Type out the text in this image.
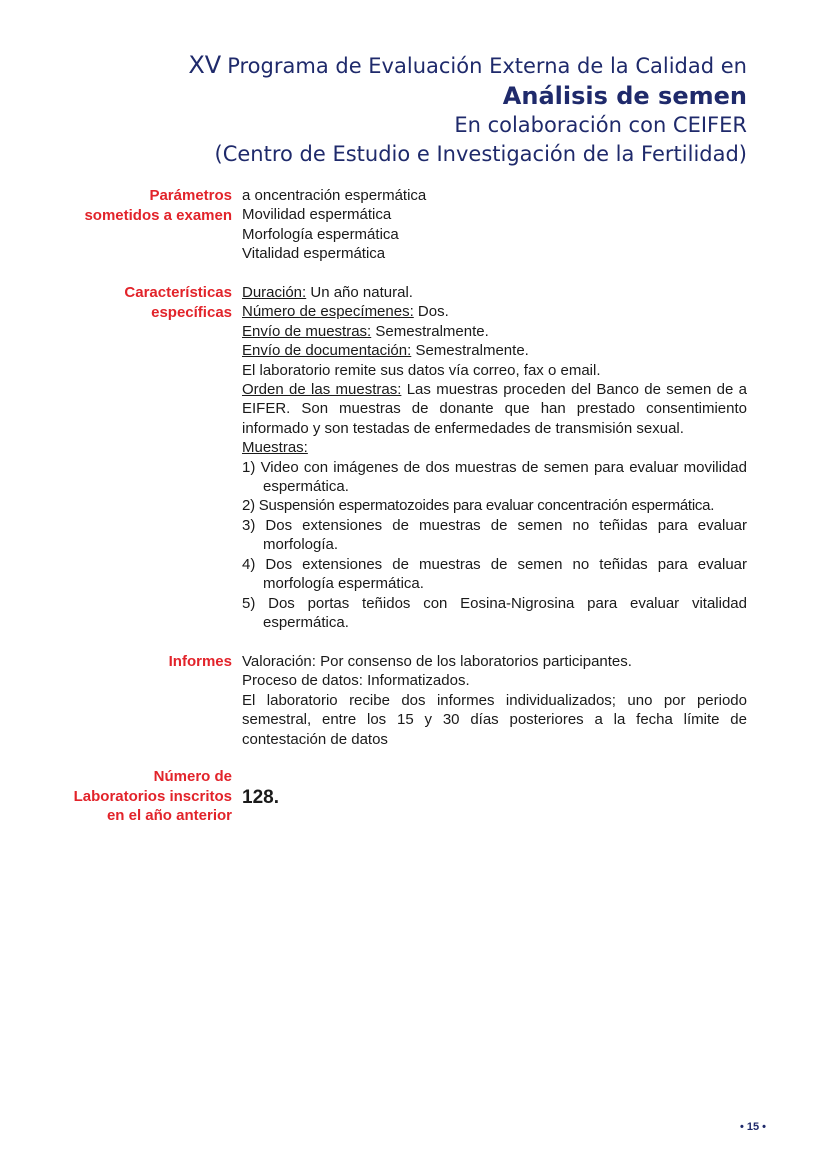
XV Programa de Evaluación Externa de la Calidad en
Análisis de semen
En colaboración con CEIFER
(Centro de Estudio e Investigación de la Fertilidad)
Parámetros
sometidos a examen

a oncentración espermática

Movilidad espermática

Morfología espermática

Vitalidad espermática

Características
específicas

Duración: Un año natural.

Número de especímenes: Dos.

Envío de muestras: Semestralmente.

Envío de documentación: Semestralmente.

El laboratorio remite sus datos vía correo, fax o email.

Orden de las muestras: Las muestras proceden del Banco de semen de a EIFER. Son muestras de donante que han prestado consentimiento informado y son testadas de enfermedades de transmisión sexual.

Muestras:

1) Video con imágenes de dos muestras de semen para evaluar movilidad espermática.

2) Suspensión espermatozoides para evaluar concentración espermática.

3) Dos extensiones de muestras de semen no teñidas para evaluar morfología.

4) Dos extensiones de muestras de semen no teñidas para evaluar morfología espermática.

5) Dos portas teñidos con Eosina-Nigrosina para evaluar vitalidad espermática.

Informes Valoración: Por consenso de los laboratorios participantes.

Proceso de datos: Informatizados.

El laboratorio recibe dos informes individualizados; uno por periodo semestral, entre los 15 y 30 días posteriores a la fecha límite de contestación de datos

Número de
Laboratorios inscritos
en el año anterior
128.
• 15 •
